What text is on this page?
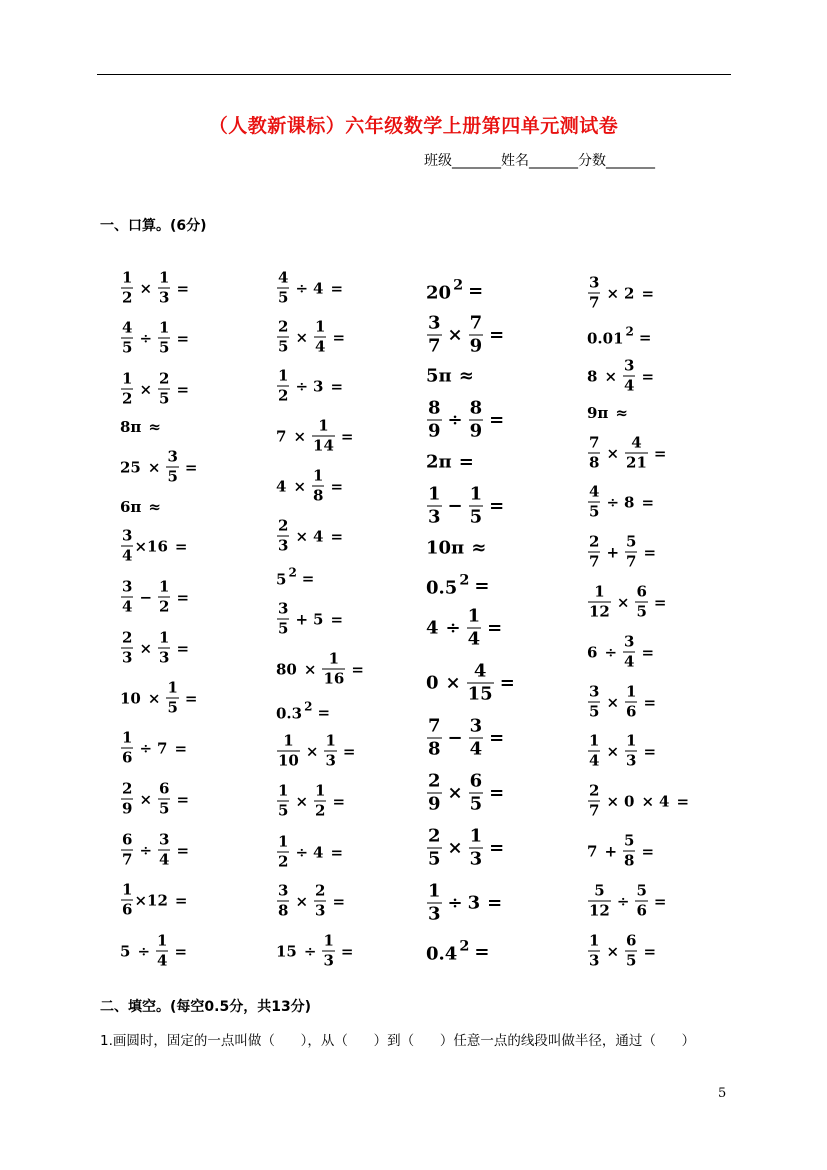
（人教新课标）六年级数学上册第四单元测试卷
班级_______姓名_______分数_______
一、口算。(6分)
$\frac{1}{2} \times \frac{1}{3}$ =
$\frac{4}{5} \div \frac{1}{5}$ =
$\frac{1}{2} \times \frac{2}{5}$ =
8π ≈
$25 \times \frac{3}{5}$ =
6π ≈
$\frac{3}{4} \times 16$ =
$\frac{3}{4} - \frac{1}{2}$ =
$\frac{2}{3} \times \frac{1}{3}$ =
$10 \times \frac{1}{5}$ =
$\frac{1}{6} \div 7$ =
$\frac{2}{9} \times \frac{6}{5}$ =
$\frac{6}{7} \div \frac{3}{4}$ =
$\frac{1}{6} \times 12$ =
$5 \div \frac{1}{4}$ =
$\frac{4}{5} \div 4$ =
$\frac{2}{5} \times \frac{1}{4}$ =
$\frac{1}{2} \div 3$ =
$7 \times \frac{1}{14}$ =
$4 \times \frac{1}{8}$ =
$\frac{2}{3} \times 4$ =
5 $^2$ =
$\frac{3}{5} + 5$ =
$80 \times \frac{1}{16}$ =
0.3 $^2$ =
$\frac{1}{10} \times \frac{1}{3}$ =
$\frac{1}{5} \times \frac{1}{2}$ =
$\frac{1}{2} \div 4$ =
$\frac{3}{8} \times \frac{2}{3}$ =
$15 \div \frac{1}{3}$ =
20 $^2$ =
$\frac{3}{7} \times \frac{7}{9}$ =
5π ≈
$\frac{8}{9} \div \frac{8}{9}$ =
2π =
$\frac{1}{3} - \frac{1}{5}$ =
10π ≈
0.5 $^2$ =
$4 \div \frac{1}{4}$ =
$0 \times \frac{4}{15}$ =
$\frac{7}{8} - \frac{3}{4}$ =
$\frac{2}{9} \times \frac{6}{5}$ =
$\frac{2}{5} \times \frac{1}{3}$ =
$\frac{1}{3} \div 3$ =
0.4 $^2$ =
$\frac{3}{7} \times 2$ =
0.01 $^2$ =
$8 \times \frac{3}{4}$ =
9π ≈
$\frac{7}{8} \times \frac{4}{21}$ =
$\frac{4}{5} \div 8$ =
$\frac{2}{7} + \frac{5}{7}$ =
$\frac{1}{12} \times \frac{6}{5}$ =
$6 \div \frac{3}{4}$ =
$\frac{3}{5} \times \frac{1}{6}$ =
$\frac{1}{4} \times \frac{1}{3}$ =
$\frac{2}{7} \times 0 \times 4$ =
$7 + \frac{5}{8}$ =
$\frac{5}{12} \div \frac{5}{6}$ =
$\frac{1}{3} \times \frac{6}{5}$ =
二、填空。(每空0.5分，共13分)
1.画圆时，固定的一点叫做（      ），从（      ）到（      ）任意一点的线段叫做半径，通过（      ）
5
